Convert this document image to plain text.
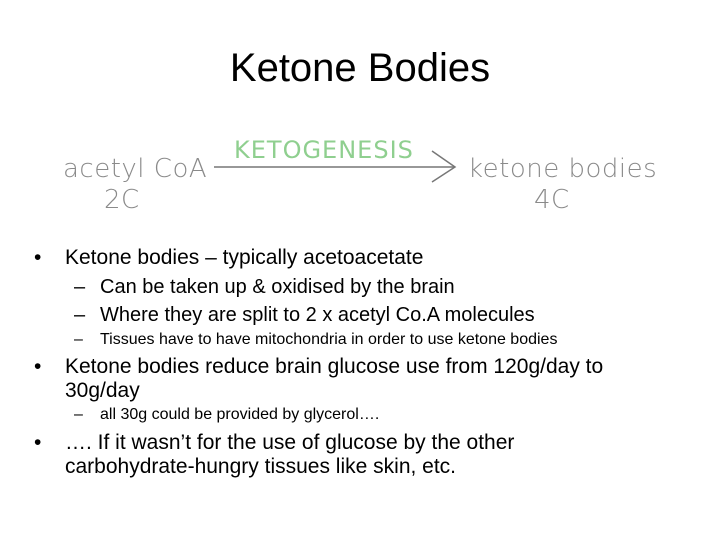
Ketone Bodies
acetyl CoA
2C
KETOGENESIS
ketone bodies
4C
•	Ketone bodies – typically acetoacetate
– Can be taken up & oxidised by the brain
– Where they are split to 2 x acetyl Co.A molecules
– Tissues have to have mitochondria in order to use ketone bodies
•	Ketone bodies reduce brain glucose use from 120g/day to 30g/day
– all 30g could be provided by glycerol….
•	…. If it wasn’t for the use of glucose by the other carbohydrate-hungry tissues like skin, etc.
